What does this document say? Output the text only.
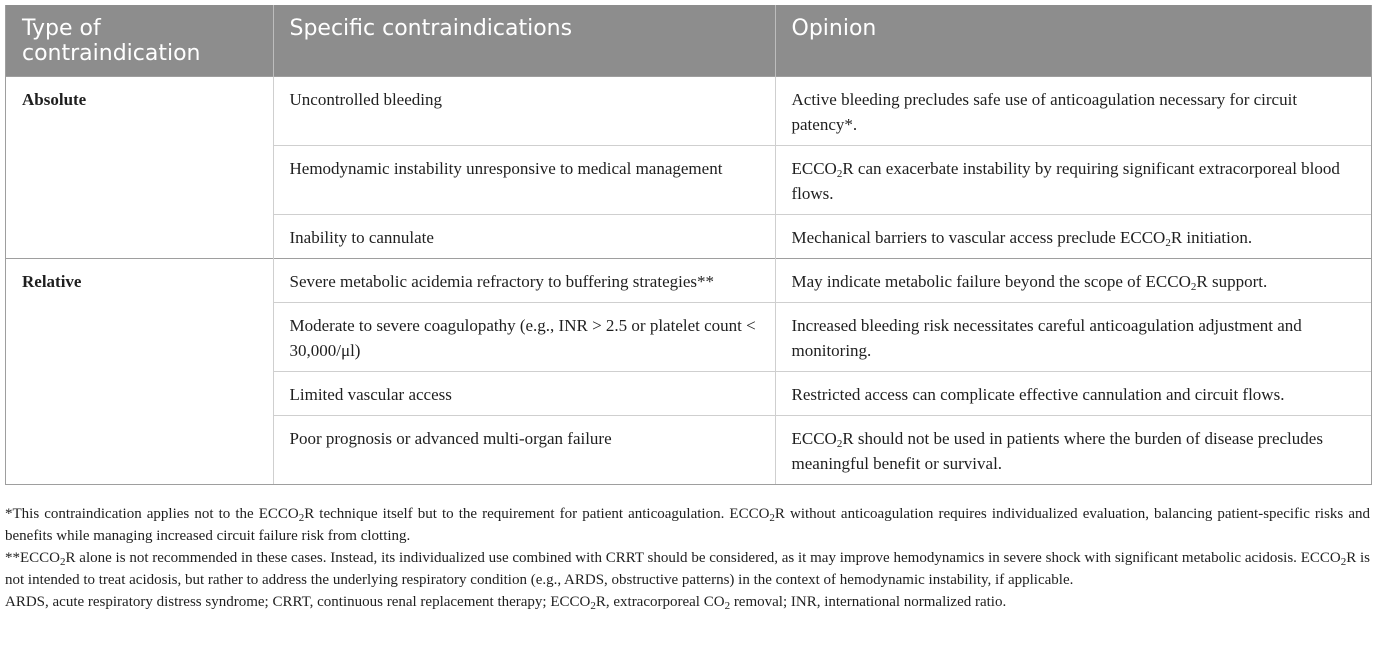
Type of contraindication	Specific contraindications	Opinion
Absolute	Uncontrolled bleeding	Active bleeding precludes safe use of anticoagulation necessary for circuit patency*.
	Hemodynamic instability unresponsive to medical management	$ECCO_2R$ can exacerbate instability by requiring significant extracorporeal blood flows.
	Inability to cannulate	Mechanical barriers to vascular access preclude $ECCO_2R$ initiation.
Relative	Severe metabolic acidemia refractory to buffering strategies**	May indicate metabolic failure beyond the scope of $ECCO_2R$ support.
	Moderate to severe coagulopathy (e.g., INR > 2.5 or platelet count < 30,000/μl)	Increased bleeding risk necessitates careful anticoagulation adjustment and monitoring.
	Limited vascular access	Restricted access can complicate effective cannulation and circuit flows.
	Poor prognosis or advanced multi-organ failure	$ECCO_2R$ should not be used in patients where the burden of disease precludes meaningful benefit or survival.

*This contraindication applies not to the $ECCO_2R$ technique itself but to the requirement for patient anticoagulation. $ECCO_2R$ without anticoagulation requires individualized evaluation, balancing patient-specific risks and benefits while managing increased circuit failure risk from clotting.

$**ECCO_2R$ alone is not recommended in these cases. Instead, its individualized use combined with CRRT should be considered, as it may improve hemodynamics in severe shock with significant metabolic acidosis. $ECCO_2R$ is not intended to treat acidosis, but rather to address the underlying respiratory condition (e.g., ARDS, obstructive patterns) in the context of hemodynamic instability, if applicable.

ARDS, acute respiratory distress syndrome; CRRT, continuous renal replacement therapy; $ECCO_2R$, extracorporeal $CO_2$ removal; INR, international normalized ratio.
